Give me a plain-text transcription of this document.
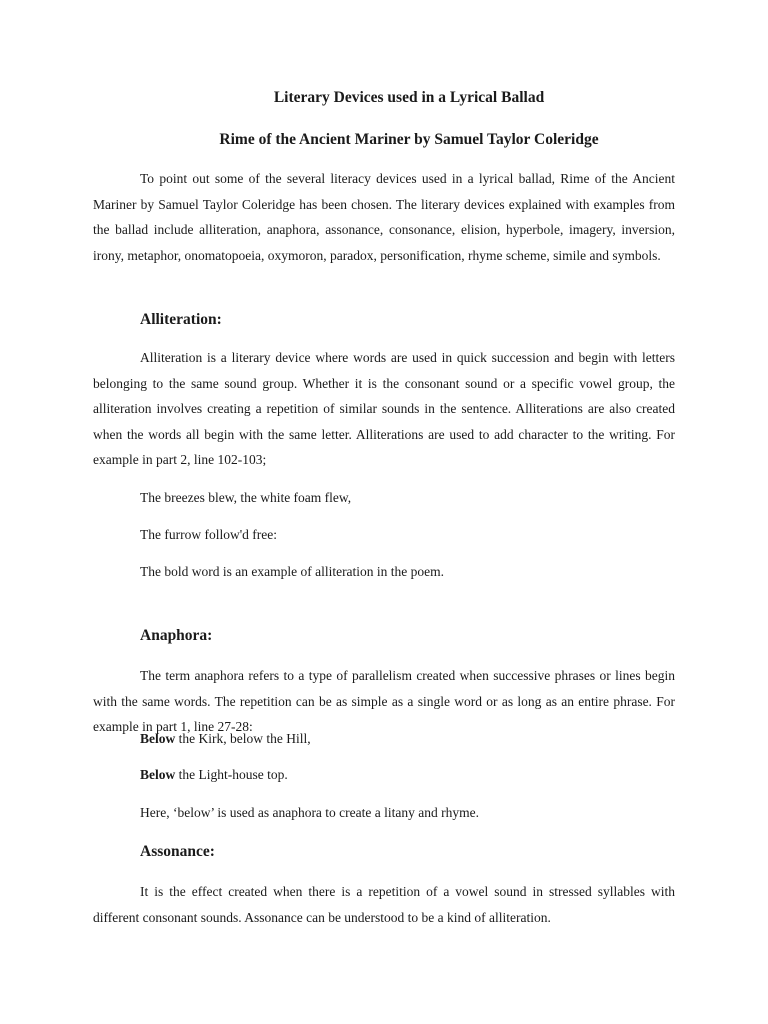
Literary Devices used in a Lyrical Ballad
Rime of the Ancient Mariner by Samuel Taylor Coleridge

To point out some of the several literacy devices used in a lyrical ballad, Rime of the Ancient Mariner by Samuel Taylor Coleridge has been chosen. The literary devices explained with examples from the ballad include alliteration, anaphora, assonance, consonance, elision, hyperbole, imagery, inversion, irony, metaphor, onomatopoeia, oxymoron, paradox, personification, rhyme scheme, simile and symbols.

Alliteration:

Alliteration is a literary device where words are used in quick succession and begin with letters belonging to the same sound group. Whether it is the consonant sound or a specific vowel group, the alliteration involves creating a repetition of similar sounds in the sentence. Alliterations are also created when the words all begin with the same letter. Alliterations are used to add character to the writing. For example in part 2, line 102-103;

The breezes blew, the white foam flew,
The furrow follow'd free:
The bold word is an example of alliteration in the poem.
Anaphora:

The term anaphora refers to a type of parallelism created when successive phrases or lines begin with the same words. The repetition can be as simple as a single word or as long as an entire phrase. For example in part 1, line 27-28:

Below the Kirk, below the Hill,
Below the Light-house top.
Here, ‘below’ is used as anaphora to create a litany and rhyme.
Assonance:

It is the effect created when there is a repetition of a vowel sound in stressed syllables with different consonant sounds. Assonance can be understood to be a kind of alliteration.
